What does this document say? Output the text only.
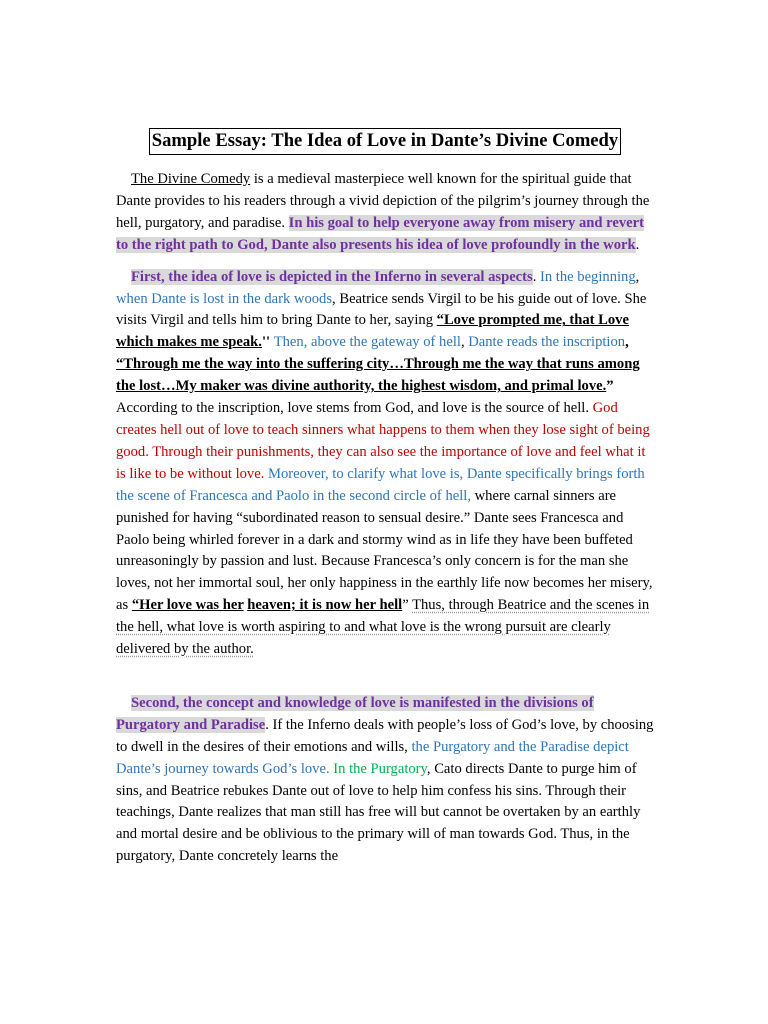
Sample Essay: The Idea of Love in Dante’s Divine Comedy

The Divine Comedy is a medieval masterpiece well known for the spiritual guide that Dante provides to his readers through a vivid depiction of the pilgrim’s journey through the hell, purgatory, and paradise. In his goal to help everyone away from misery and revert to the right path to God, Dante also presents his idea of love profoundly in the work.

First, the idea of love is depicted in the Inferno in several aspects. In the beginning, when Dante is lost in the dark woods, Beatrice sends Virgil to be his guide out of love. She visits Virgil and tells him to bring Dante to her, saying “Love prompted me, that Love which makes me speak.'' Then, above the gateway of hell, Dante reads the inscription, “Through me the way into the suffering city…Through me the way that runs among the lost…My maker was divine authority, the highest wisdom, and primal love.” According to the inscription, love stems from God, and love is the source of hell. God creates hell out of love to teach sinners what happens to them when they lose sight of being good. Through their punishments, they can also see the importance of love and feel what it is like to be without love. Moreover, to clarify what love is, Dante specifically brings forth the scene of Francesca and Paolo in the second circle of hell, where carnal sinners are punished for having “subordinated reason to sensual desire.” Dante sees Francesca and Paolo being whirled forever in a dark and stormy wind as in life they have been buffeted unreasoningly by passion and lust. Because Francesca’s only concern is for the man she loves, not her immortal soul, her only happiness in the earthly life now becomes her misery, as “Her love was her heaven; it is now her hell” Thus, through Beatrice and the scenes in the hell, what love is worth aspiring to and what love is the wrong pursuit are clearly delivered by the author.

Second, the concept and knowledge of love is manifested in the divisions of Purgatory and Paradise. If the Inferno deals with people’s loss of God’s love, by choosing to dwell in the desires of their emotions and wills, the Purgatory and the Paradise depict Dante’s journey towards God’s love. In the Purgatory, Cato directs Dante to purge him of sins, and Beatrice rebukes Dante out of love to help him confess his sins. Through their teachings, Dante realizes that man still has free will but cannot be overtaken by an earthly and mortal desire and be oblivious to the primary will of man towards God. Thus, in the purgatory, Dante concretely learns the
